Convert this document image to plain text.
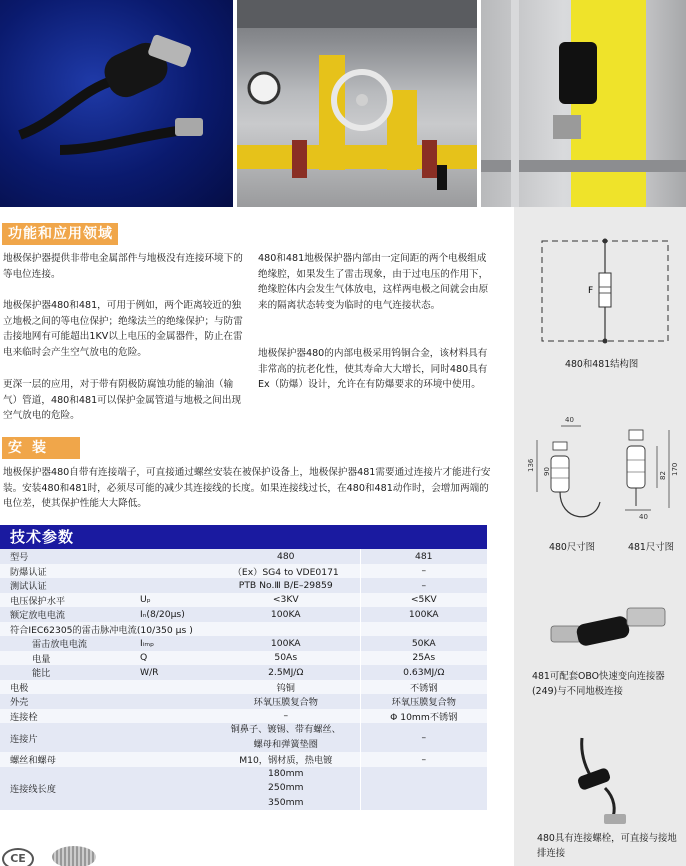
功能和应用领域
地极保护器提供非带电金属部件与地极没有连接环境下的等电位连接。
地极保护器480和481，可用于例如，两个距离较近的独立地极之间的等电位保护；绝缘法兰的绝缘保护；与防雷击接地网有可能超出1KV以上电压的金属器件，防止在雷电来临时会产生空气放电的危险。
更深一层的应用，对于带有阴极防腐蚀功能的输油（输气）管道，480和481可以保护金属管道与地极之间出现空气放电的危险。
480和481地极保护器内部由一定间距的两个电极组成绝缘腔，如果发生了雷击现象，由于过电压的作用下，绝缘腔体内会发生气体放电，这样两电极之间就会由原来的隔离状态转变为临时的电气连接状态。
地极保护器480的内部电极采用钨铜合金，该材料具有非常高的抗老化性，使其寿命大大增长，同时480具有Ex（防爆）设计，允许在有防爆要求的环境中使用。
安装
地极保护器480自带有连接端子，可直接通过螺丝安装在被保护设备上，地极保护器481需要通过连接片才能进行安装。安装480和481时，必须尽可能的减少其连接线的长度。如果连接线过长，在480和481动作时，会增加两端的电位差，使其保护性能大大降低。
技术参数
型号		480	481
防爆认证		（Ex）SG4 to VDE0171	–
测试认证		PTB No.Ⅲ B/E–29859	–
电压保护水平	Uₚ	<3KV	<5KV
额定放电电流	Iₙ(8/20μs)	100KA	100KA
符合IEC62305的雷击脉冲电流(10/350 μs )			
雷击放电电流	Iᵢₘₚ	100KA	50KA
电量	Q	50As	25As
能比	W/R	2.5MJ/Ω	0.63MJ/Ω
电极		钨铜	不锈钢
外壳		环氧压膜复合物	环氧压膜复合物
连接栓		–	Φ 10mm不锈钢
连接片		铜鼻子、镀锡、带有螺丝、
螺母和弹簧垫圈	–
螺丝和螺母		M10，钢材质，热电镀	–
连接线长度		180mm
250mm
350mm	

F
480和481结构图
40
136 90	170
82
40
480尺寸图	481尺寸图
481可配套OBO快速变向连接器(249)与不同地极连接
480具有连接螺栓，可直接与接地排连接
CE
